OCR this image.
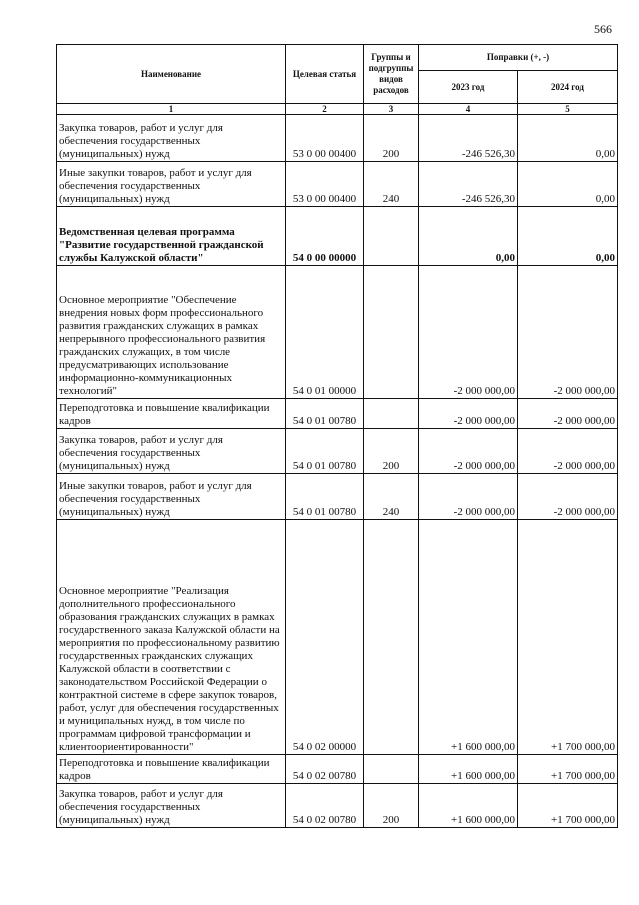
566
Наименование	Целевая статья	Группы и подгруппы видов расходов	Поправки (+, -)	
			2023 год	2024 год
1	2	3	4	5
Закупка товаров, работ и услуг для обеспечения государственных (муниципальных) нужд	53 0 00 00400	200	-246 526,30	0,00
Иные закупки товаров, работ и услуг для обеспечения государственных (муниципальных) нужд	53 0 00 00400	240	-246 526,30	0,00
Ведомственная целевая программа "Развитие государственной гражданской службы Калужской области"	54 0 00 00000		0,00	0,00
Основное мероприятие "Обеспечение внедрения новых форм профессионального развития гражданских служащих в рамках непрерывного профессионального развития гражданских служащих, в том числе предусматривающих использование информационно-коммуникационных технологий"	54 0 01 00000		-2 000 000,00	-2 000 000,00
Переподготовка и повышение квалификации кадров	54 0 01 00780		-2 000 000,00	-2 000 000,00
Закупка товаров, работ и услуг для обеспечения государственных (муниципальных) нужд	54 0 01 00780	200	-2 000 000,00	-2 000 000,00
Иные закупки товаров, работ и услуг для обеспечения государственных (муниципальных) нужд	54 0 01 00780	240	-2 000 000,00	-2 000 000,00
Основное мероприятие "Реализация дополнительного профессионального образования гражданских служащих в рамках государственного заказа Калужской области на мероприятия по профессиональному развитию государственных гражданских служащих Калужской области в соответствии с законодательством Российской Федерации о контрактной системе в сфере закупок товаров, работ, услуг для обеспечения государственных и муниципальных нужд, в том числе по программам цифровой трансформации и клиентоориентированности"	54 0 02 00000		+1 600 000,00	+1 700 000,00
Переподготовка и повышение квалификации кадров	54 0 02 00780		+1 600 000,00	+1 700 000,00
Закупка товаров, работ и услуг для обеспечения государственных (муниципальных) нужд	54 0 02 00780	200	+1 600 000,00	+1 700 000,00
